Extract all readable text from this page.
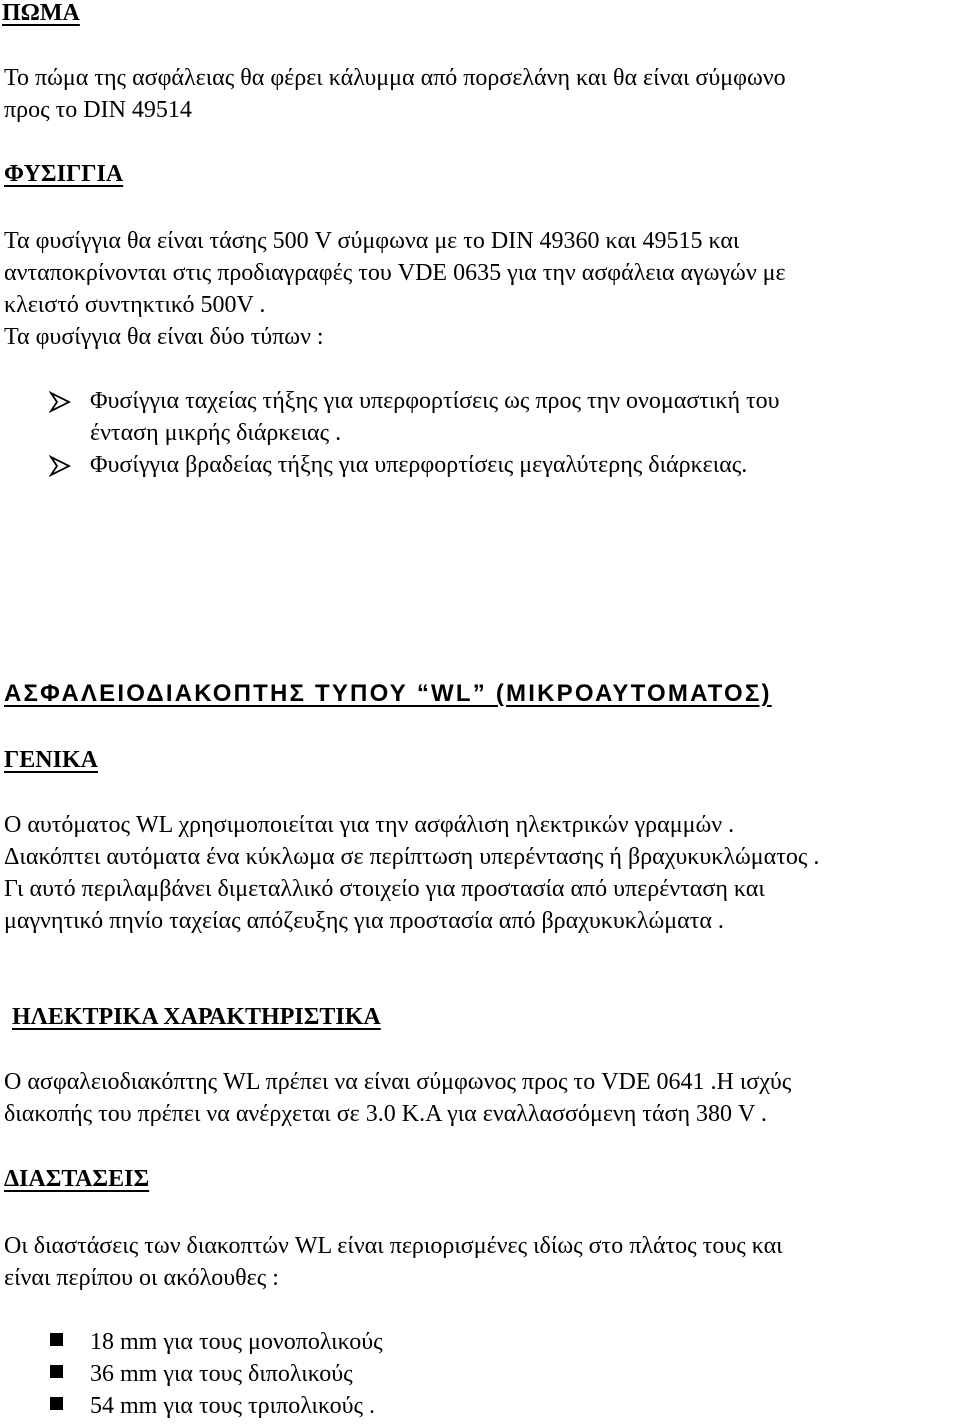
ΠΩΜΑ
Το πώμα της ασφάλειας θα φέρει κάλυμμα από πορσελάνη και θα είναι σύμφωνο
προς το DIN 49514
ΦΥΣΙΓΓΙΑ
Τα φυσίγγια θα είναι τάσης 500 V σύμφωνα με το DIN 49360 και 49515 και
ανταποκρίνονται στις προδιαγραφές του VDE 0635 για την ασφάλεια αγωγών με
κλειστό συντηκτικό 500V .
Τα φυσίγγια θα είναι δύο τύπων :
Φυσίγγια ταχείας τήξης για υπερφορτίσεις ως προς την ονομαστική του
ένταση μικρής διάρκειας .
Φυσίγγια βραδείας τήξης για υπερφορτίσεις μεγαλύτερης διάρκειας.
ΑΣΦΑΛΕΙΟΔΙΑΚΟΠΤΗΣ ΤΥΠΟΥ “WL” (ΜΙΚΡΟΑΥΤΟΜΑΤΟΣ)
ΓΕΝΙΚΑ
Ο αυτόματος WL χρησιμοποιείται για την ασφάλιση ηλεκτρικών γραμμών .
Διακόπτει αυτόματα ένα κύκλωμα σε περίπτωση υπερέντασης ή βραχυκυκλώματος .
Γι αυτό περιλαμβάνει διμεταλλικό στοιχείο για προστασία από υπερένταση και
μαγνητικό πηνίο ταχείας απόζευξης για προστασία από βραχυκυκλώματα .
ΗΛΕΚΤΡΙΚΑ ΧΑΡΑΚΤΗΡΙΣΤΙΚΑ
Ο ασφαλειοδιακόπτης WL πρέπει να είναι σύμφωνος προς το VDE 0641 .Η ισχύς
διακοπής του πρέπει να ανέρχεται σε 3.0 K.A για εναλλασσόμενη τάση 380 V .
ΔΙΑΣΤΑΣΕΙΣ
Οι διαστάσεις των διακοπτών WL είναι περιορισμένες ιδίως στο πλάτος τους και
είναι περίπου οι ακόλουθες :
18 mm για τους μονοπολικούς
36 mm για τους διπολικούς
54 mm για τους τριπολικούς .
